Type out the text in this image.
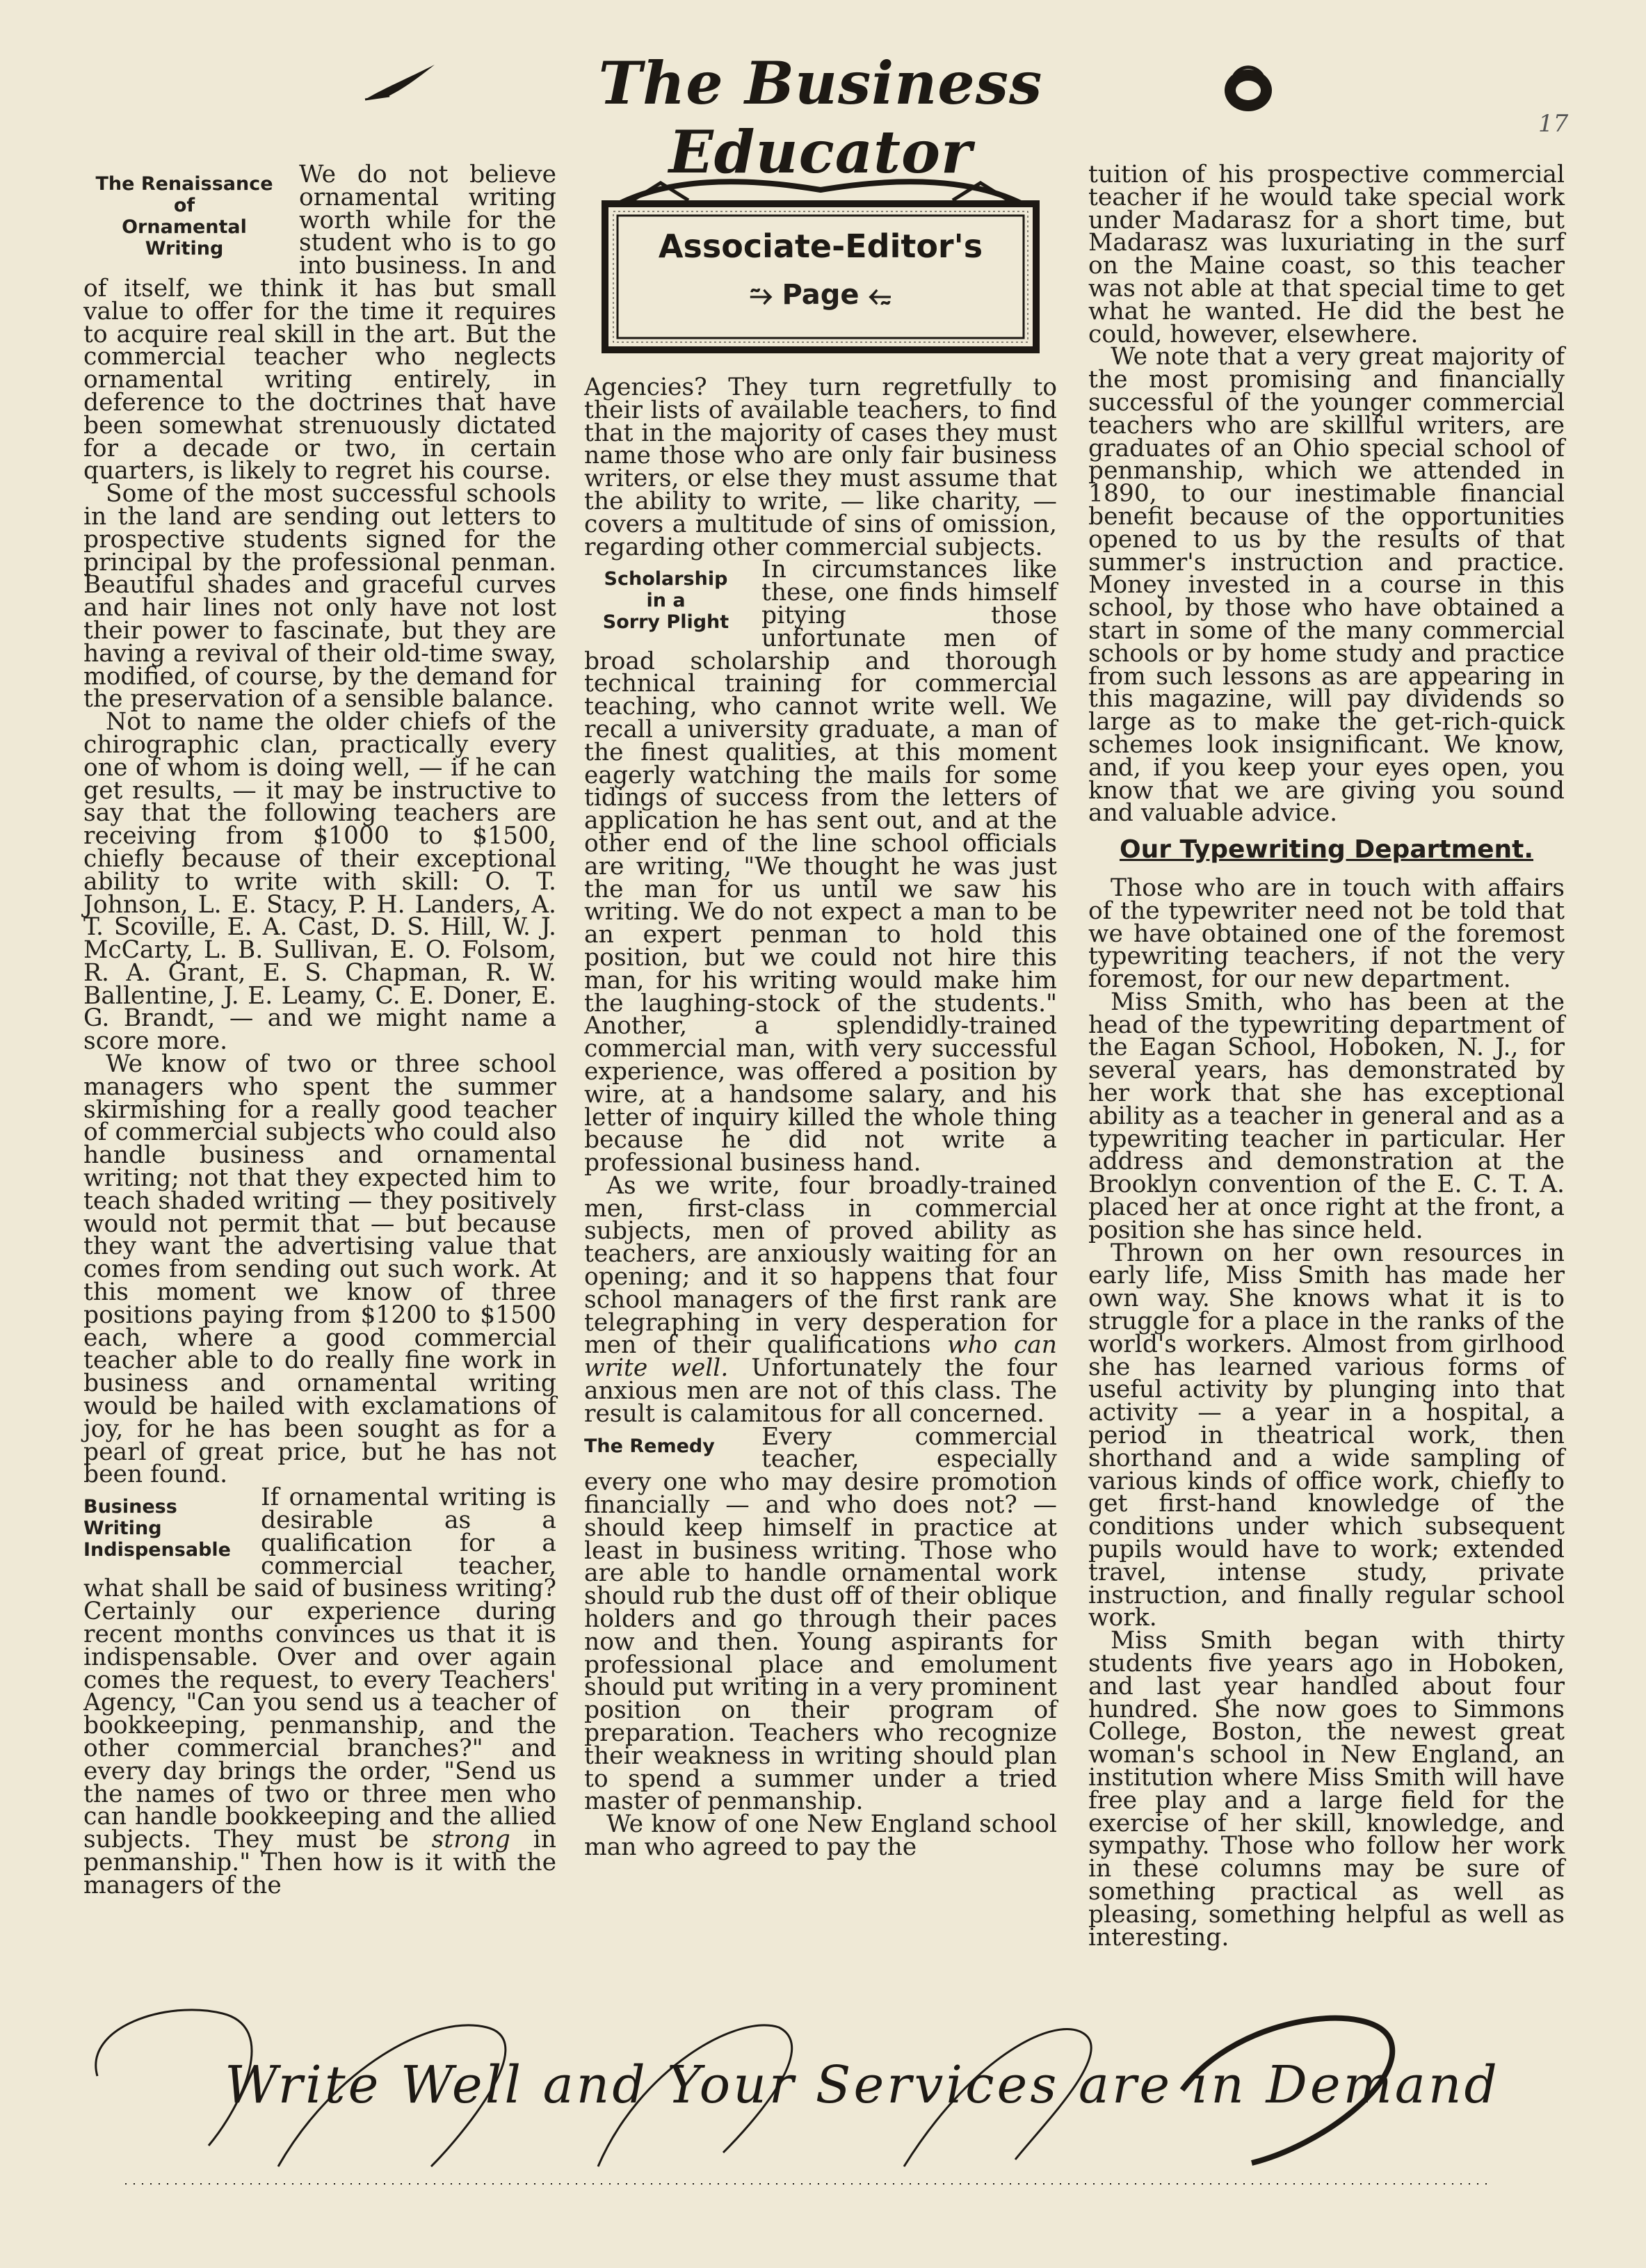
The Business Educator	17
The Renaissance
of
Ornamental Writing

We do not believe ornamental writing worth while for the student who is to go into business. In and of itself, we think it has but small value to offer for the time it requires to acquire real skill in the art. But the commercial teacher who neglects ornamental writing entirely, in deference to the doctrines that have been somewhat strenuously dictated for a decade or two, in certain quarters, is likely to regret his course.

Some of the most successful schools in the land are sending out letters to prospective students signed for the principal by the professional penman. Beautiful shades and graceful curves and hair lines not only have not lost their power to fascinate, but they are having a revival of their old-time sway, modified, of course, by the demand for the preservation of a sensible balance.

Not to name the older chiefs of the chirographic clan, practically every one of whom is doing well, — if he can get results, — it may be instructive to say that the following teachers are receiving from $1000 to $1500, chiefly because of their exceptional ability to write with skill: O. T. Johnson, L. E. Stacy, P. H. Landers, A. T. Scoville, E. A. Cast, D. S. Hill, W. J. McCarty, L. B. Sullivan, E. O. Folsom, R. A. Grant, E. S. Chapman, R. W. Ballentine, J. E. Leamy, C. E. Doner, E. G. Brandt, — and we might name a score more.

We know of two or three school managers who spent the summer skirmishing for a really good teacher of commercial subjects who could also handle business and ornamental writing; not that they expected him to teach shaded writing — they positively would not permit that — but because they want the advertising value that comes from sending out such work. At this moment we know of three positions paying from $1200 to $1500 each, where a good commercial teacher able to do really fine work in business and ornamental writing would be hailed with exclamations of joy, for he has been sought as for a pearl of great price, but he has not been found.

Business Writing
Indispensable

If ornamental writing is desirable as a qualification for a commercial teacher, what shall be said of business writing? Certainly our experience during recent months convinces us that it is indispensable. Over and over again comes the request, to every Teachers' Agency, "Can you send us a teacher of bookkeeping, penmanship, and the other commercial branches?" and every day brings the order, "Send us the names of two or three men who can handle bookkeeping and the allied subjects. They must be strong in penmanship." Then how is it with the managers of the

Associate-Editor's
⥲ Page ⥳

Agencies? They turn regretfully to their lists of available teachers, to find that in the majority of cases they must name those who are only fair business writers, or else they must assume that the ability to write, — like charity, — covers a multitude of sins of omission, regarding other commercial subjects.

Scholarship
in a
Sorry Plight

In circumstances like these, one finds himself pitying those unfortunate men of broad scholarship and thorough technical training for commercial teaching, who cannot write well. We recall a university graduate, a man of the finest qualities, at this moment eagerly watching the mails for some tidings of success from the letters of application he has sent out, and at the other end of the line school officials are writing, "We thought he was just the man for us until we saw his writing. We do not expect a man to be an expert penman to hold this position, but we could not hire this man, for his writing would make him the laughing-stock of the students." Another, a splendidly-trained commercial man, with very successful experience, was offered a position by wire, at a handsome salary, and his letter of inquiry killed the whole thing because he did not write a professional business hand.

As we write, four broadly-trained men, first-class in commercial subjects, men of proved ability as teachers, are anxiously waiting for an opening; and it so happens that four school managers of the first rank are telegraphing in very desperation for men of their qualifications who can write well. Unfortunately the four anxious men are not of this class. The result is calamitous for all concerned.

The Remedy	Every commercial teacher, especially every one who may desire promotion financially — and who does not? — should keep himself in practice at least in business writing. Those who are able to handle ornamental work should rub the dust off of their oblique holders and go through their paces now and then. Young aspirants for professional place and emolument should put writing in a very prominent position on their program of preparation. Teachers who recognize their weakness in writing should plan to spend a summer under a tried master of penmanship.

We know of one New England school man who agreed to pay the

tuition of his prospective commercial teacher if he would take special work under Madarasz for a short time, but Madarasz was luxuriating in the surf on the Maine coast, so this teacher was not able at that special time to get what he wanted. He did the best he could, however, elsewhere.

We note that a very great majority of the most promising and financially successful of the younger commercial teachers who are skillful writers, are graduates of an Ohio special school of penmanship, which we attended in 1890, to our inestimable financial benefit because of the opportunities opened to us by the results of that summer's instruction and practice. Money invested in a course in this school, by those who have obtained a start in some of the many commercial schools or by home study and practice from such lessons as are appearing in this magazine, will pay dividends so large as to make the get-rich-quick schemes look insignificant. We know, and, if you keep your eyes open, you know that we are giving you sound and valuable advice.

Our Typewriting Department.

Those who are in touch with affairs of the typewriter need not be told that we have obtained one of the foremost typewriting teachers, if not the very foremost, for our new department.

Miss Smith, who has been at the head of the typewriting department of the Eagan School, Hoboken, N. J., for several years, has demonstrated by her work that she has exceptional ability as a teacher in general and as a typewriting teacher in particular. Her address and demonstration at the Brooklyn convention of the E. C. T. A. placed her at once right at the front, a position she has since held.

Thrown on her own resources in early life, Miss Smith has made her own way. She knows what it is to struggle for a place in the ranks of the world's workers. Almost from girlhood she has learned various forms of useful activity by plunging into that activity — a year in a hospital, a period in theatrical work, then shorthand and a wide sampling of various kinds of office work, chiefly to get first-hand knowledge of the conditions under which subsequent pupils would have to work; extended travel, intense study, private instruction, and finally regular school work.

Miss Smith began with thirty students five years ago in Hoboken, and last year handled about four hundred. She now goes to Simmons College, Boston, the newest great woman's school in New England, an institution where Miss Smith will have free play and a large field for the exercise of her skill, knowledge, and sympathy. Those who follow her work in these columns may be sure of something practical as well as pleasing, something helpful as well as interesting.

Write Well and Your Services are in Demand
